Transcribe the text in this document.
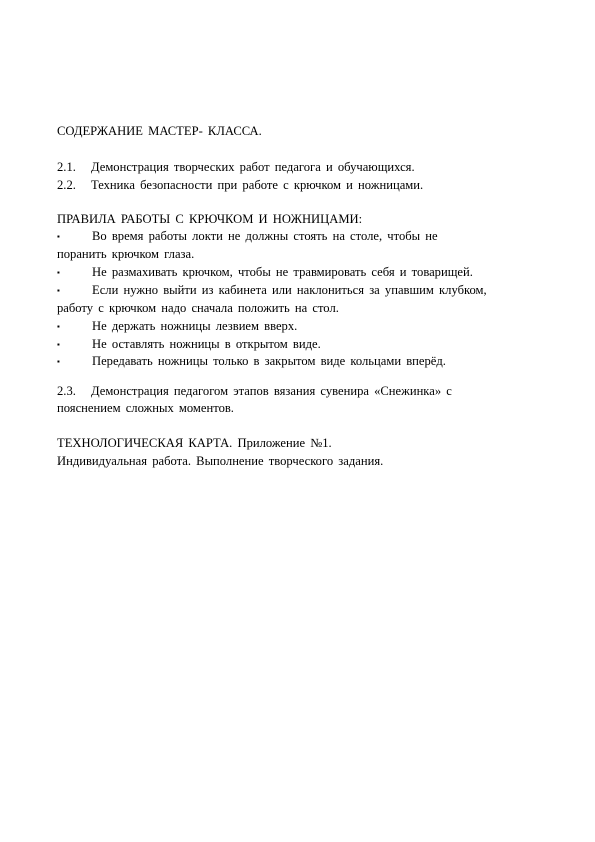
СОДЕРЖАНИЕ МАСТЕР- КЛАССА.
2.1. Демонстрация творческих работ педагога и обучающихся.
2.2. Техника безопасности при работе с крючком и ножницами.
ПРАВИЛА РАБОТЫ С КРЮЧКОМ И НОЖНИЦАМИ:
▪	Во время работы локти не должны стоять на столе, чтобы не
поранить крючком глаза.
▪	Не размахивать крючком, чтобы не травмировать себя и товарищей.
▪	Если нужно выйти из кабинета или наклониться за упавшим клубком,
работу с крючком надо сначала положить на стол.
▪	Не держать ножницы лезвием вверх.
▪	Не оставлять ножницы в открытом виде.
▪	Передавать ножницы только в закрытом виде кольцами вперёд.
2.3. Демонстрация педагогом этапов вязания сувенира «Снежинка» с
пояснением сложных моментов.
ТЕХНОЛОГИЧЕСКАЯ КАРТА. Приложение №1.
Индивидуальная работа. Выполнение творческого задания.
